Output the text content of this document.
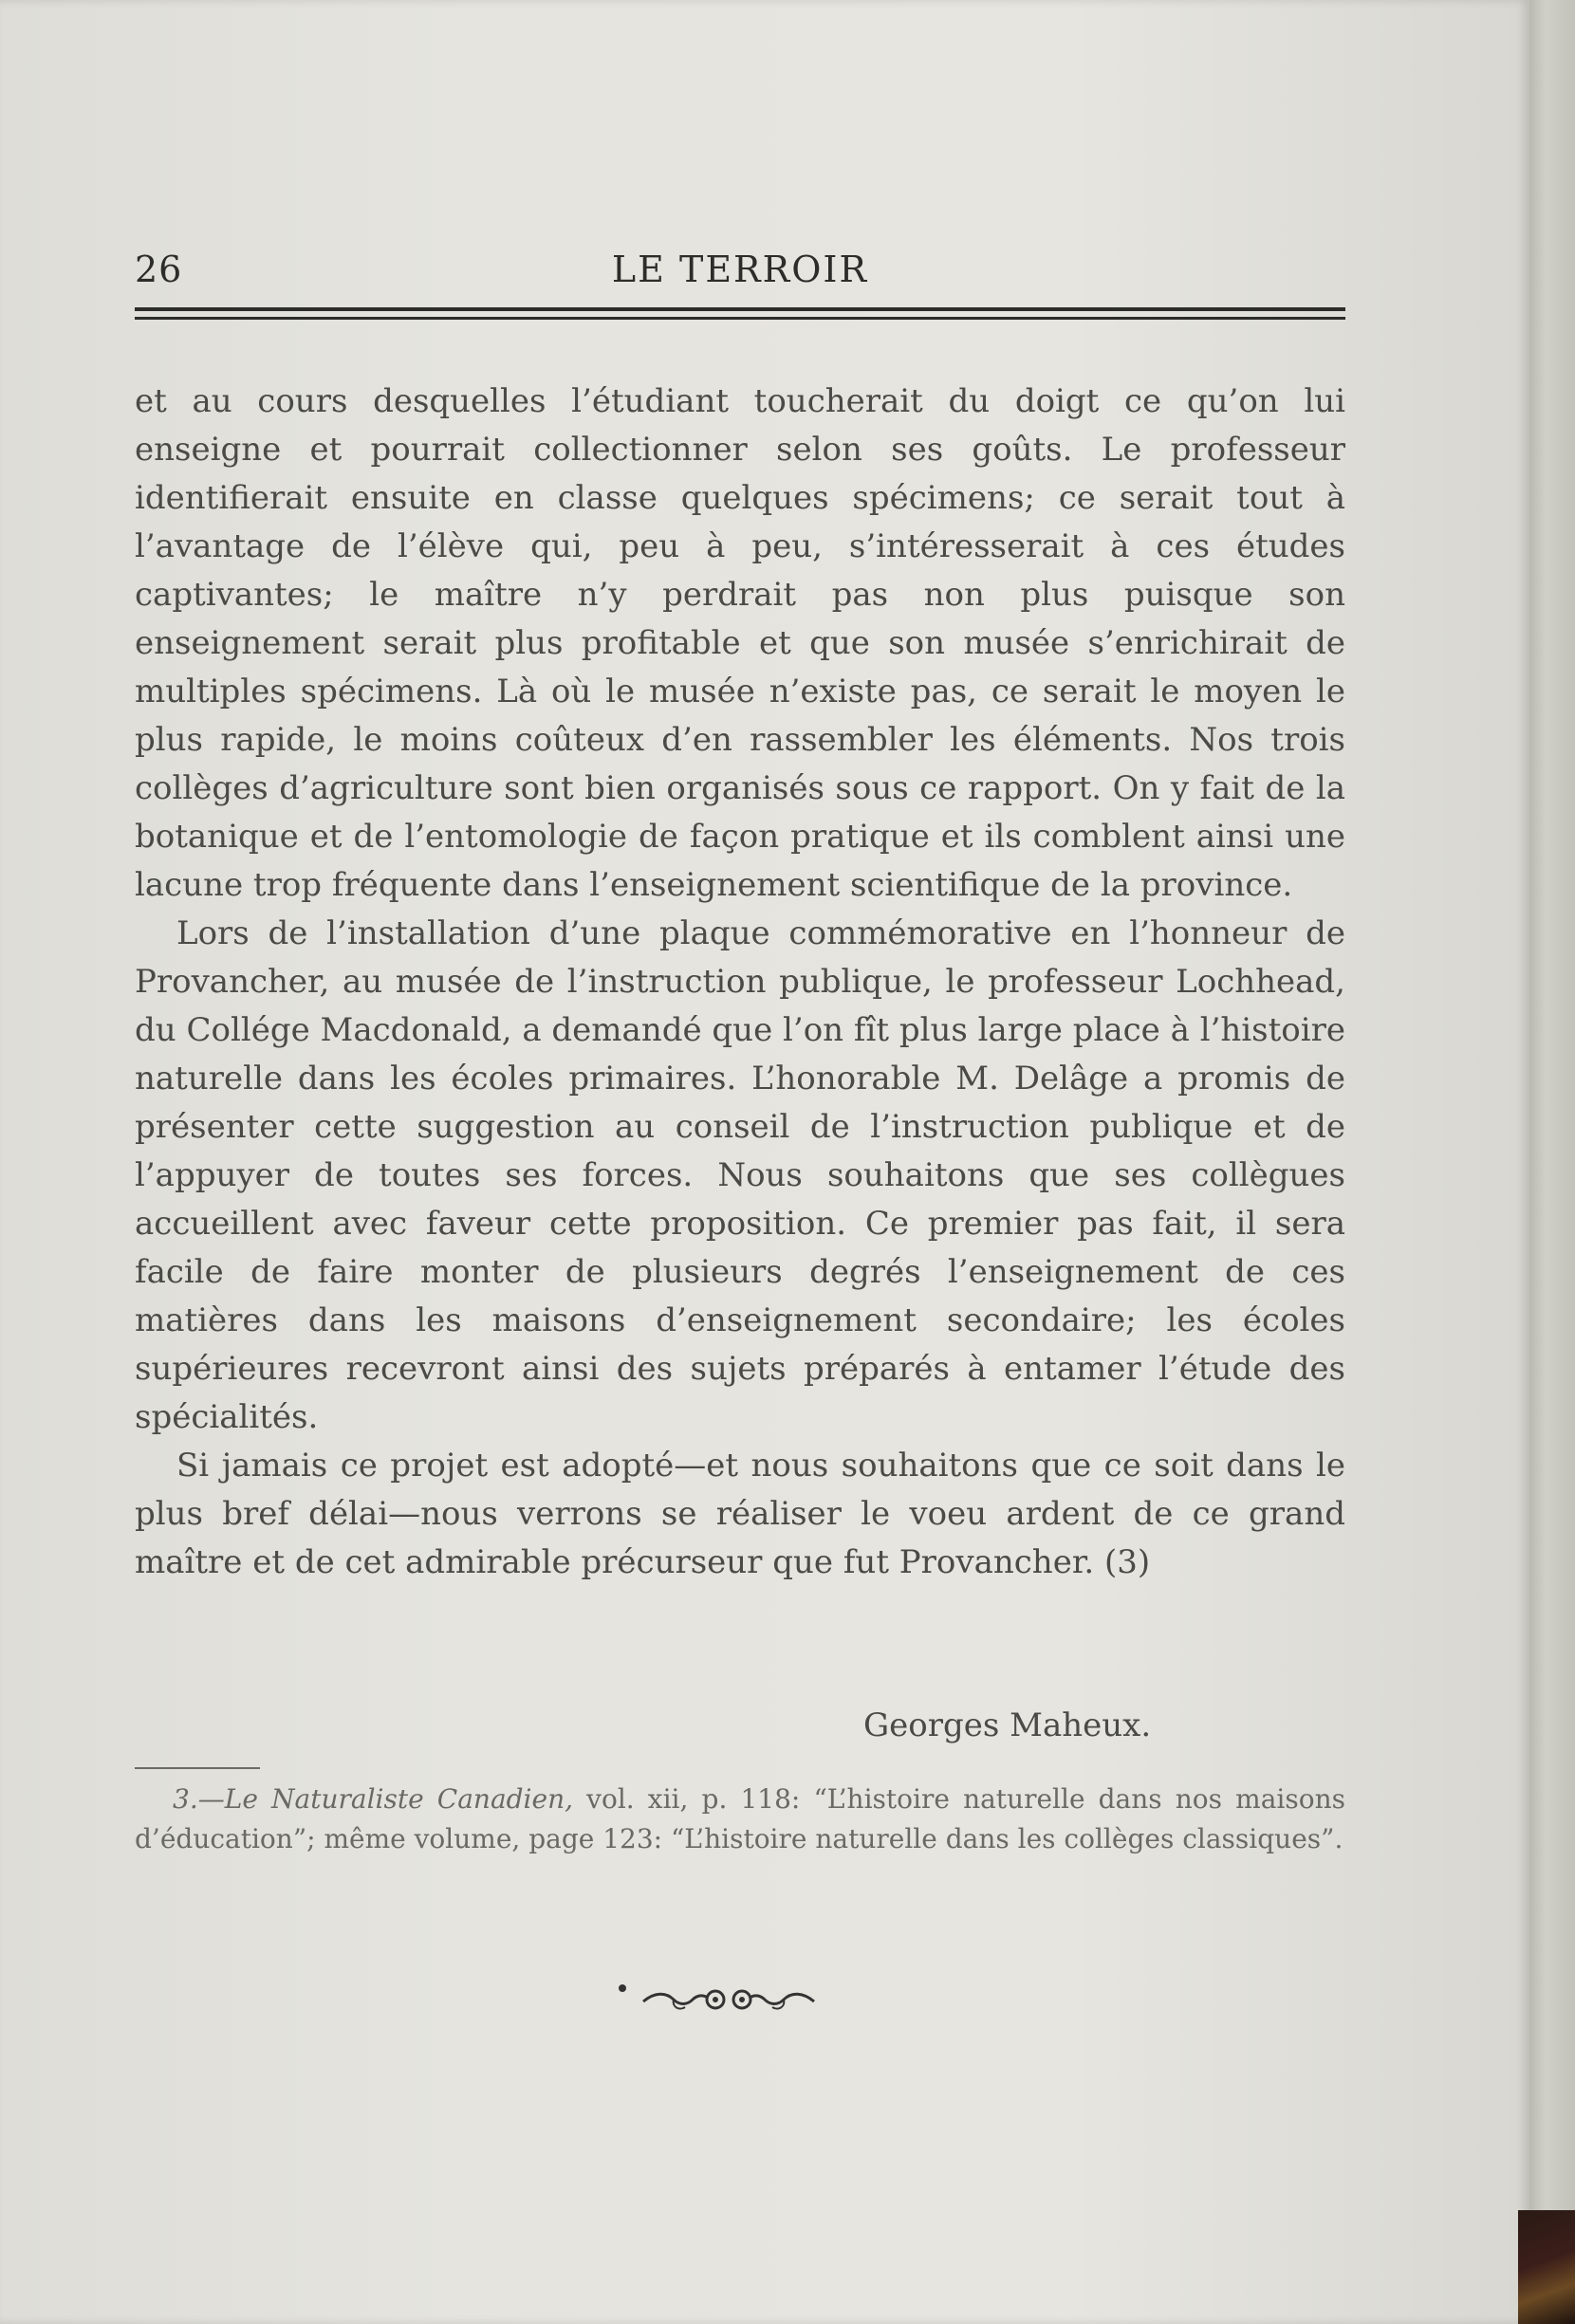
26	LE TERROIR

et au cours desquelles l’étudiant toucherait du doigt ce qu’on lui enseigne et pourrait collectionner selon ses goûts. Le professeur identifierait ensuite en classe quelques spécimens; ce serait tout à l’avantage de l’élève qui, peu à peu, s’intéresserait à ces études captivantes; le maître n’y perdrait pas non plus puisque son enseignement serait plus profitable et que son musée s’enrichirait de multiples spécimens. Là où le musée n’existe pas, ce serait le moyen le plus rapide, le moins coûteux d’en rassembler les éléments. Nos trois collèges d’agriculture sont bien organisés sous ce rapport. On y fait de la botanique et de l’entomologie de façon pratique et ils comblent ainsi une lacune trop fréquente dans l’enseignement scientifique de la province.

Lors de l’installation d’une plaque commémorative en l’honneur de Provancher, au musée de l’instruction publique, le professeur Lochhead, du Collége Macdonald, a demandé que l’on fît plus large place à l’histoire naturelle dans les écoles primaires. L’honorable M. Delâge a promis de présenter cette suggestion au conseil de l’instruction publique et de l’appuyer de toutes ses forces. Nous souhaitons que ses collègues accueillent avec faveur cette proposition. Ce premier pas fait, il sera facile de faire monter de plusieurs degrés l’enseignement de ces matières dans les maisons d’enseignement secondaire; les écoles supérieures recevront ainsi des sujets préparés à entamer l’étude des spécialités.

Si jamais ce projet est adopté—et nous souhaitons que ce soit dans le plus bref délai—nous verrons se réaliser le voeu ardent de ce grand maître et de cet admirable précurseur que fut Provancher. (3)

Georges Maheux.

3.—Le Naturaliste Canadien, vol. xii, p. 118: “L’histoire naturelle dans nos maisons d’éducation”; même volume, page 123: “L’histoire naturelle dans les collèges classiques”.
